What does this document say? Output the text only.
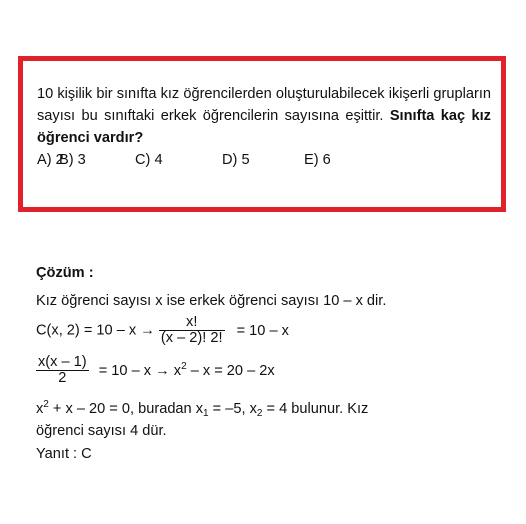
10 kişilik bir sınıfta kız öğrencilerden oluşturulabilecek ikişerli grupların sayısı bu sınıftaki erkek öğrencilerin sayısına eşittir. Sınıfta kaç kız öğrenci vardır?
A) 2
B) 3	C) 4	D) 5	E) 6
Çözüm :
Kız öğrenci sayısı x ise erkek öğrenci sayısı 10 – x dir.
C(x, $2) = 10 - x \to \frac{x!}{(x - 2)! 2!} = 10 - x$
$\frac{x(x - 1)}{2} = 10 - x \to x^2 - x = 20 - 2x$
$x^2 + x - 20 = 0$, buradan $x_1 = -5$, $x_2 = 4$ bulunur. Kız
öğrenci sayısı 4 dür.
Yanıt : C
